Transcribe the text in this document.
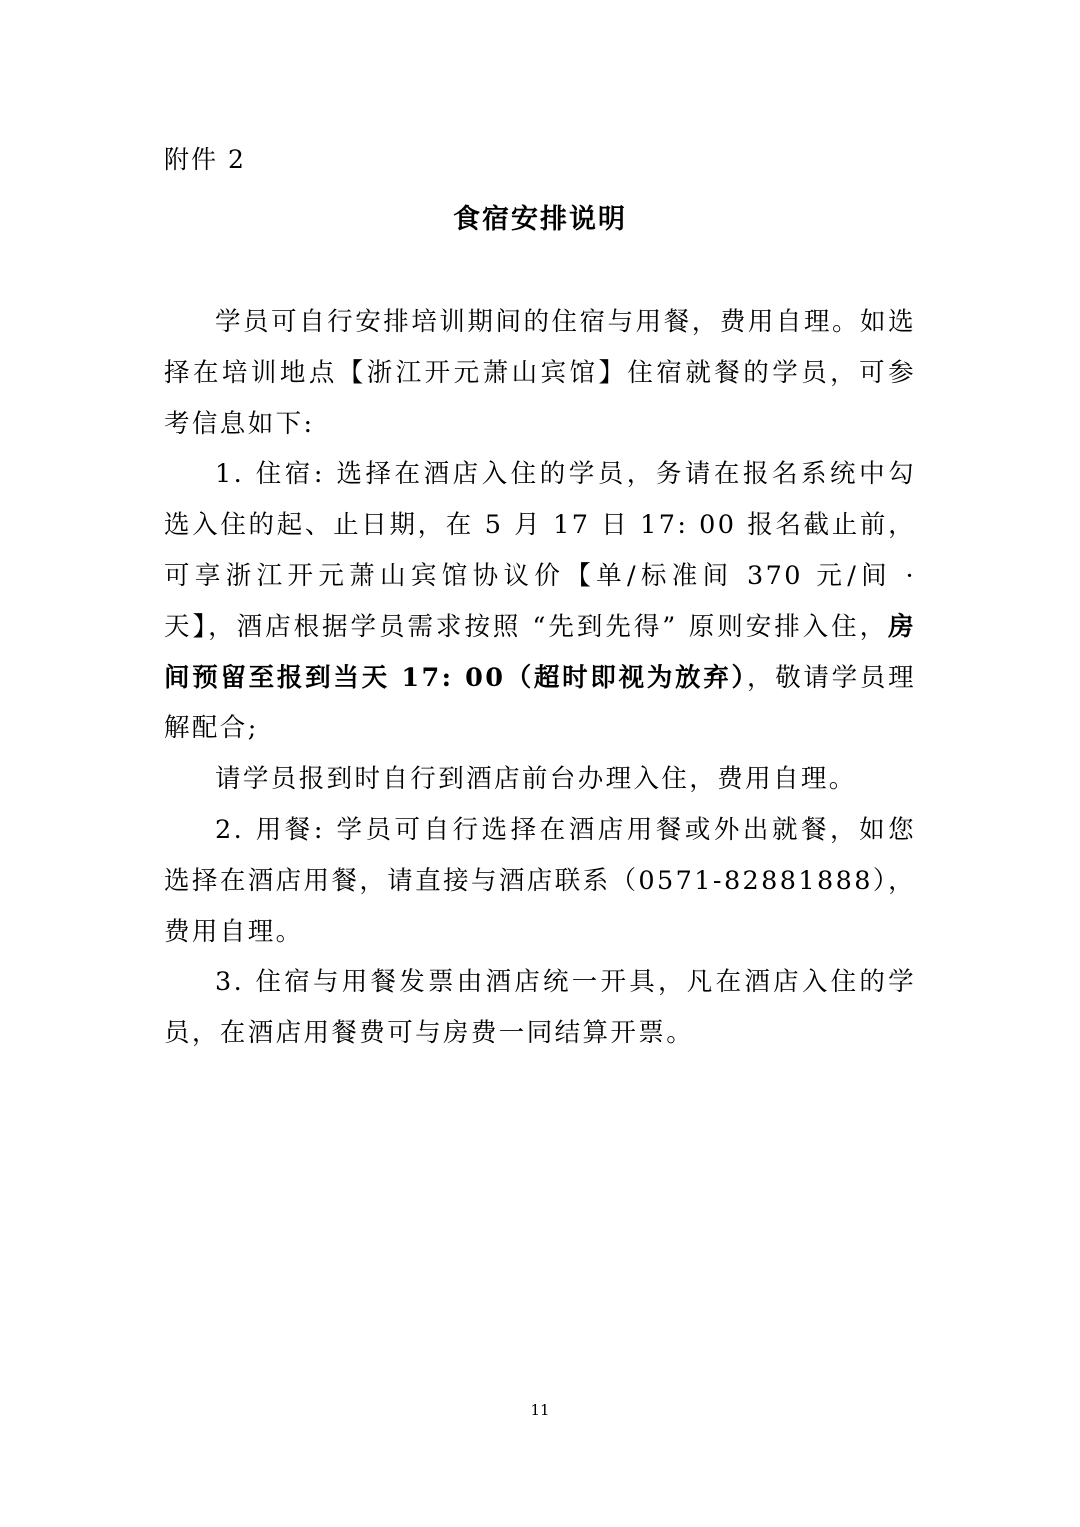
附件 2

食宿安排说明

学员可自行安排培训期间的住宿与用餐，费用自理。如选择在培训地点【浙江开元萧山宾馆】住宿就餐的学员，可参考信息如下:

1. 住宿: 选择在酒店入住的学员，务请在报名系统中勾选入住的起、止日期，在 5 月 17 日 17: 00 报名截止前，可享浙江开元萧山宾馆协议价【单/标准间 370 元/间 · 天】，酒店根据学员需求按照 “先到先得” 原则安排入住，房间预留至报到当天 17: 00（超时即视为放弃），敬请学员理解配合;

请学员报到时自行到酒店前台办理入住，费用自理。

2. 用餐: 学员可自行选择在酒店用餐或外出就餐，如您选择在酒店用餐，请直接与酒店联系（0571-82881888），费用自理。

3. 住宿与用餐发票由酒店统一开具，凡在酒店入住的学员，在酒店用餐费可与房费一同结算开票。

11
